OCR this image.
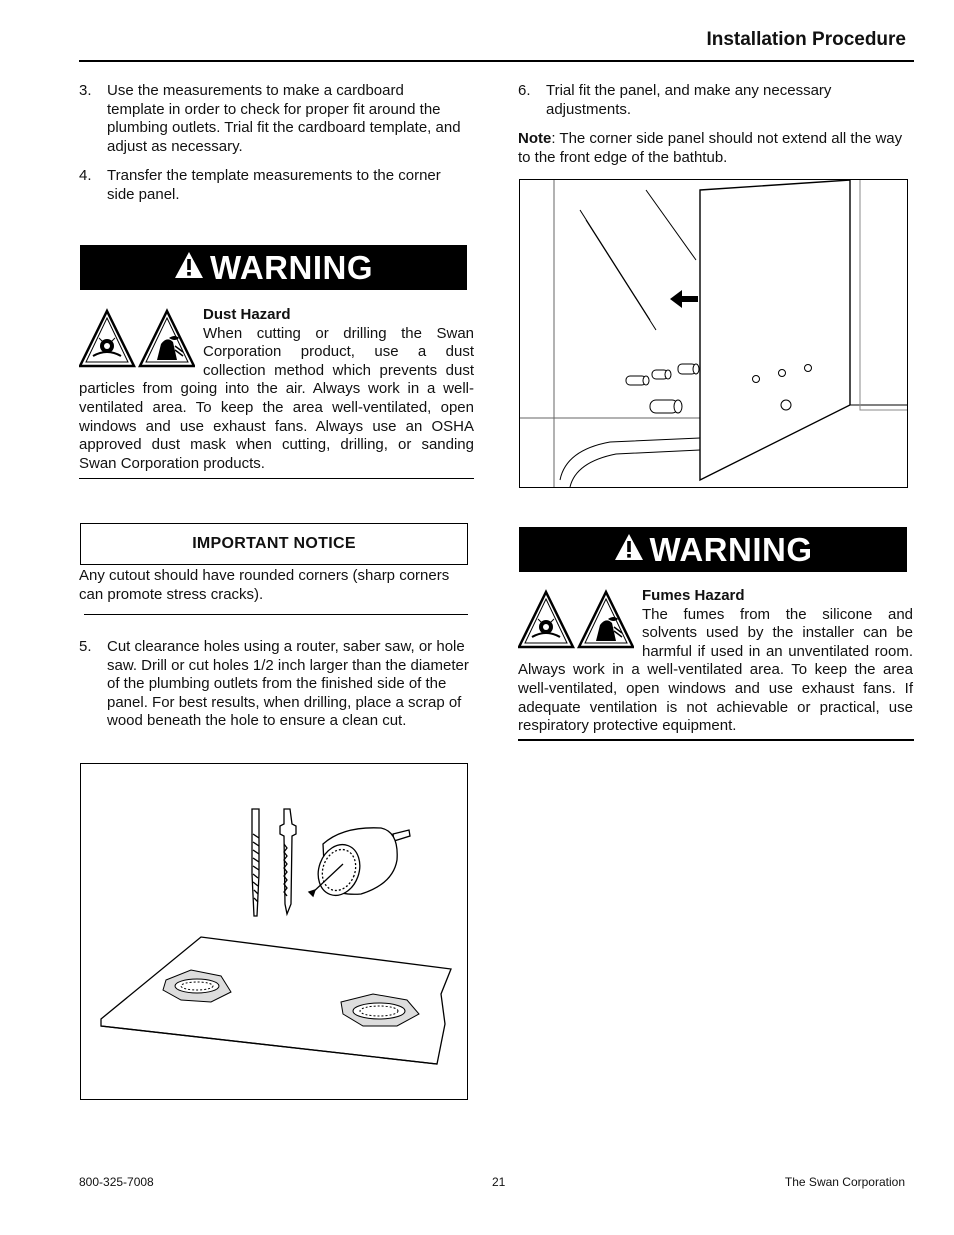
Installation Procedure
3. Use the measurements to make a cardboard template in order to check for proper fit around the plumbing outlets. Trial fit the cardboard template, and adjust as necessary.
4. Transfer the template measurements to the corner side panel.
WARNING
Dust Hazard
When cutting or drilling the Swan Corporation product, use a dust collection method which prevents dust particles from going into the air. Always work in a well-ventilated area. To keep the area well-ventilated, open windows and use exhaust fans. Always use an OSHA approved dust mask when cutting, drilling, or sanding Swan Corporation products.
IMPORTANT NOTICE
Any cutout should have rounded corners (sharp corners can promote stress cracks).
5. Cut clearance holes using a router, saber saw, or hole saw. Drill or cut holes 1/2 inch larger than the diameter of the plumbing outlets from the finished side of the panel. For best results, when drilling, place a scrap of wood beneath the hole to ensure a clean cut.
6. Trial fit the panel, and make any necessary adjustments.
Note: The corner side panel should not extend all the way to the front edge of the bathtub.
WARNING
Fumes Hazard
The fumes from the silicone and solvents used by the installer can be harmful if used in an unventilated room. Always work in a well-ventilated area. To keep the area well-ventilated, open windows and use exhaust fans. If adequate ventilation is not achievable or practical, use respiratory protective equipment.
800-325-7008	21	The Swan Corporation
